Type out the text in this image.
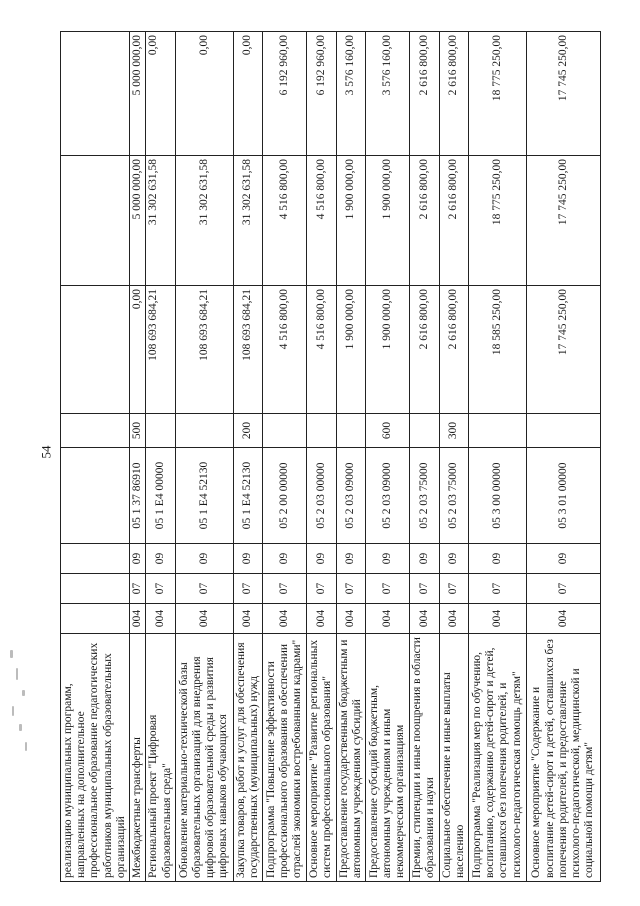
54
реализацию муниципальных программ, направленных на дополнительное профессиональное образование педагогических работников муниципальных образовательных организаций								
Межбюджетные трансферты	004	07	09	05 1 37 86910	500	0,00	5 000 000,00	5 000 000,00
Региональный проект "Цифровая образовательная среда"	004	07	09	05 1 E4 00000		108 693 684,21	31 302 631,58	0,00
Обновление материально-технической базы образовательных организаций для внедрения цифровой образовательной среды и развития цифровых навыков обучающихся	004	07	09	05 1 E4 52130		108 693 684,21	31 302 631,58	0,00
Закупка товаров, работ и услуг для обеспечения государственных (муниципальных) нужд	004	07	09	05 1 E4 52130	200	108 693 684,21	31 302 631,58	0,00
Подпрограмма "Повышение эффективности профессионального образования в обеспечении отраслей экономики востребованными кадрами"	004	07	09	05 2 00 00000		4 516 800,00	4 516 800,00	6 192 960,00
Основное мероприятие "Развитие региональных систем профессионального образования"	004	07	09	05 2 03 00000		4 516 800,00	4 516 800,00	6 192 960,00
Предоставление государственным бюджетным и автономным учреждениям субсидий	004	07	09	05 2 03 09000		1 900 000,00	1 900 000,00	3 576 160,00
Предоставление субсидий бюджетным, автономным учреждениям и иным некоммерческим организациям	004	07	09	05 2 03 09000	600	1 900 000,00	1 900 000,00	3 576 160,00
Премии, стипендии и иные поощрения в области образования и науки	004	07	09	05 2 03 75000		2 616 800,00	2 616 800,00	2 616 800,00
Социальное обеспечение и иные выплаты населению	004	07	09	05 2 03 75000	300	2 616 800,00	2 616 800,00	2 616 800,00
Подпрограмма "Реализация мер по обучению, воспитанию, содержанию детей-сирот и детей, оставшихся без попечения родителей, и психолого-педагогическая помощь детям"	004	07	09	05 3 00 00000		18 585 250,00	18 775 250,00	18 775 250,00
Основное мероприятие "Содержание и воспитание детей-сирот и детей, оставшихся без попечения родителей, и предоставление психолого-педагогической, медицинской и социальной помощи детям"	004	07	09	05 3 01 00000		17 745 250,00	17 745 250,00	17 745 250,00
